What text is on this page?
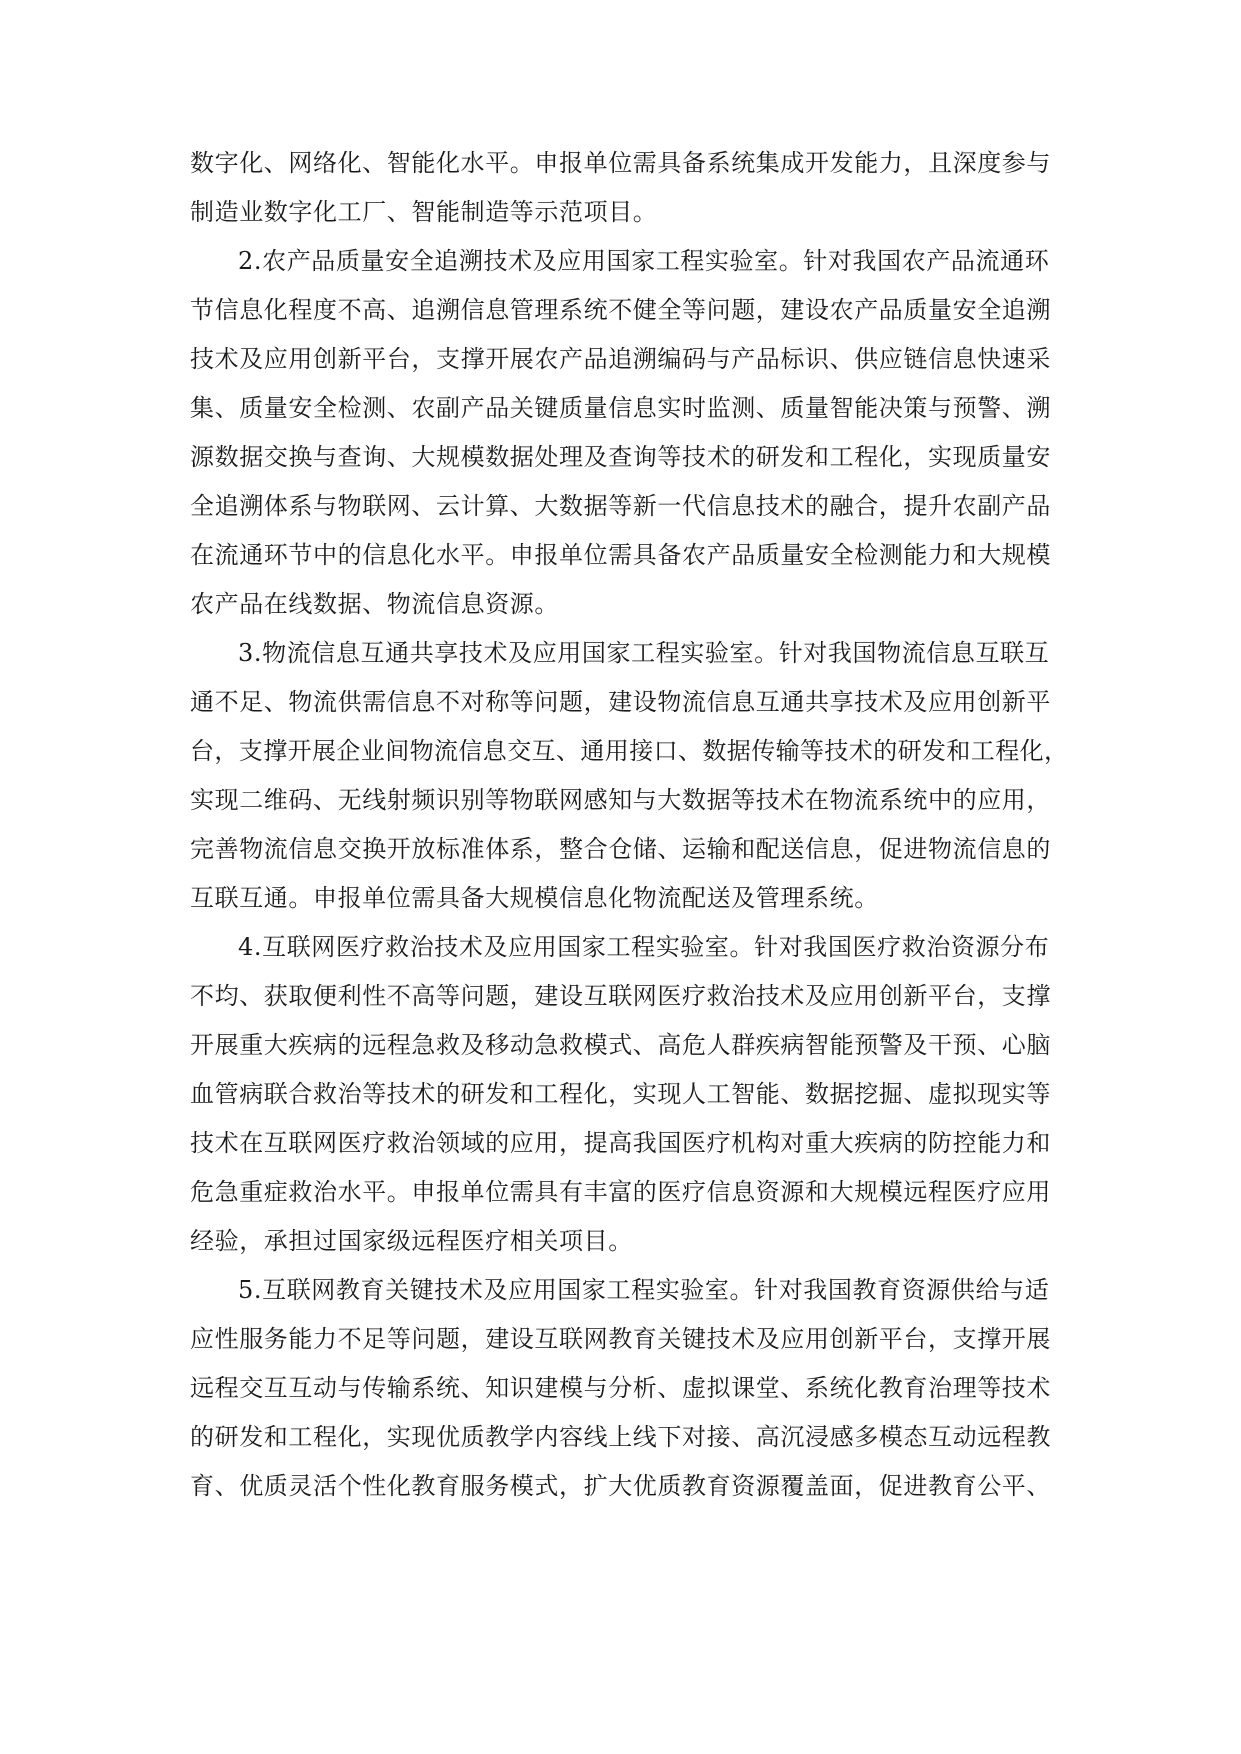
数字化、网络化、智能化水平。申报单位需具备系统集成开发能力，且深度参与

制造业数字化工厂、智能制造等示范项目。

2.农产品质量安全追溯技术及应用国家工程实验室。针对我国农产品流通环

节信息化程度不高、追溯信息管理系统不健全等问题，建设农产品质量安全追溯

技术及应用创新平台，支撑开展农产品追溯编码与产品标识、供应链信息快速采

集、质量安全检测、农副产品关键质量信息实时监测、质量智能决策与预警、溯

源数据交换与查询、大规模数据处理及查询等技术的研发和工程化，实现质量安

全追溯体系与物联网、云计算、大数据等新一代信息技术的融合，提升农副产品

在流通环节中的信息化水平。申报单位需具备农产品质量安全检测能力和大规模

农产品在线数据、物流信息资源。

3.物流信息互通共享技术及应用国家工程实验室。针对我国物流信息互联互

通不足、物流供需信息不对称等问题，建设物流信息互通共享技术及应用创新平

台，支撑开展企业间物流信息交互、通用接口、数据传输等技术的研发和工程化，

实现二维码、无线射频识别等物联网感知与大数据等技术在物流系统中的应用，

完善物流信息交换开放标准体系，整合仓储、运输和配送信息，促进物流信息的

互联互通。申报单位需具备大规模信息化物流配送及管理系统。

4.互联网医疗救治技术及应用国家工程实验室。针对我国医疗救治资源分布

不均、获取便利性不高等问题，建设互联网医疗救治技术及应用创新平台，支撑

开展重大疾病的远程急救及移动急救模式、高危人群疾病智能预警及干预、心脑

血管病联合救治等技术的研发和工程化，实现人工智能、数据挖掘、虚拟现实等

技术在互联网医疗救治领域的应用，提高我国医疗机构对重大疾病的防控能力和

危急重症救治水平。申报单位需具有丰富的医疗信息资源和大规模远程医疗应用

经验，承担过国家级远程医疗相关项目。

5.互联网教育关键技术及应用国家工程实验室。针对我国教育资源供给与适

应性服务能力不足等问题，建设互联网教育关键技术及应用创新平台，支撑开展

远程交互互动与传输系统、知识建模与分析、虚拟课堂、系统化教育治理等技术

的研发和工程化，实现优质教学内容线上线下对接、高沉浸感多模态互动远程教

育、优质灵活个性化教育服务模式，扩大优质教育资源覆盖面，促进教育公平、
